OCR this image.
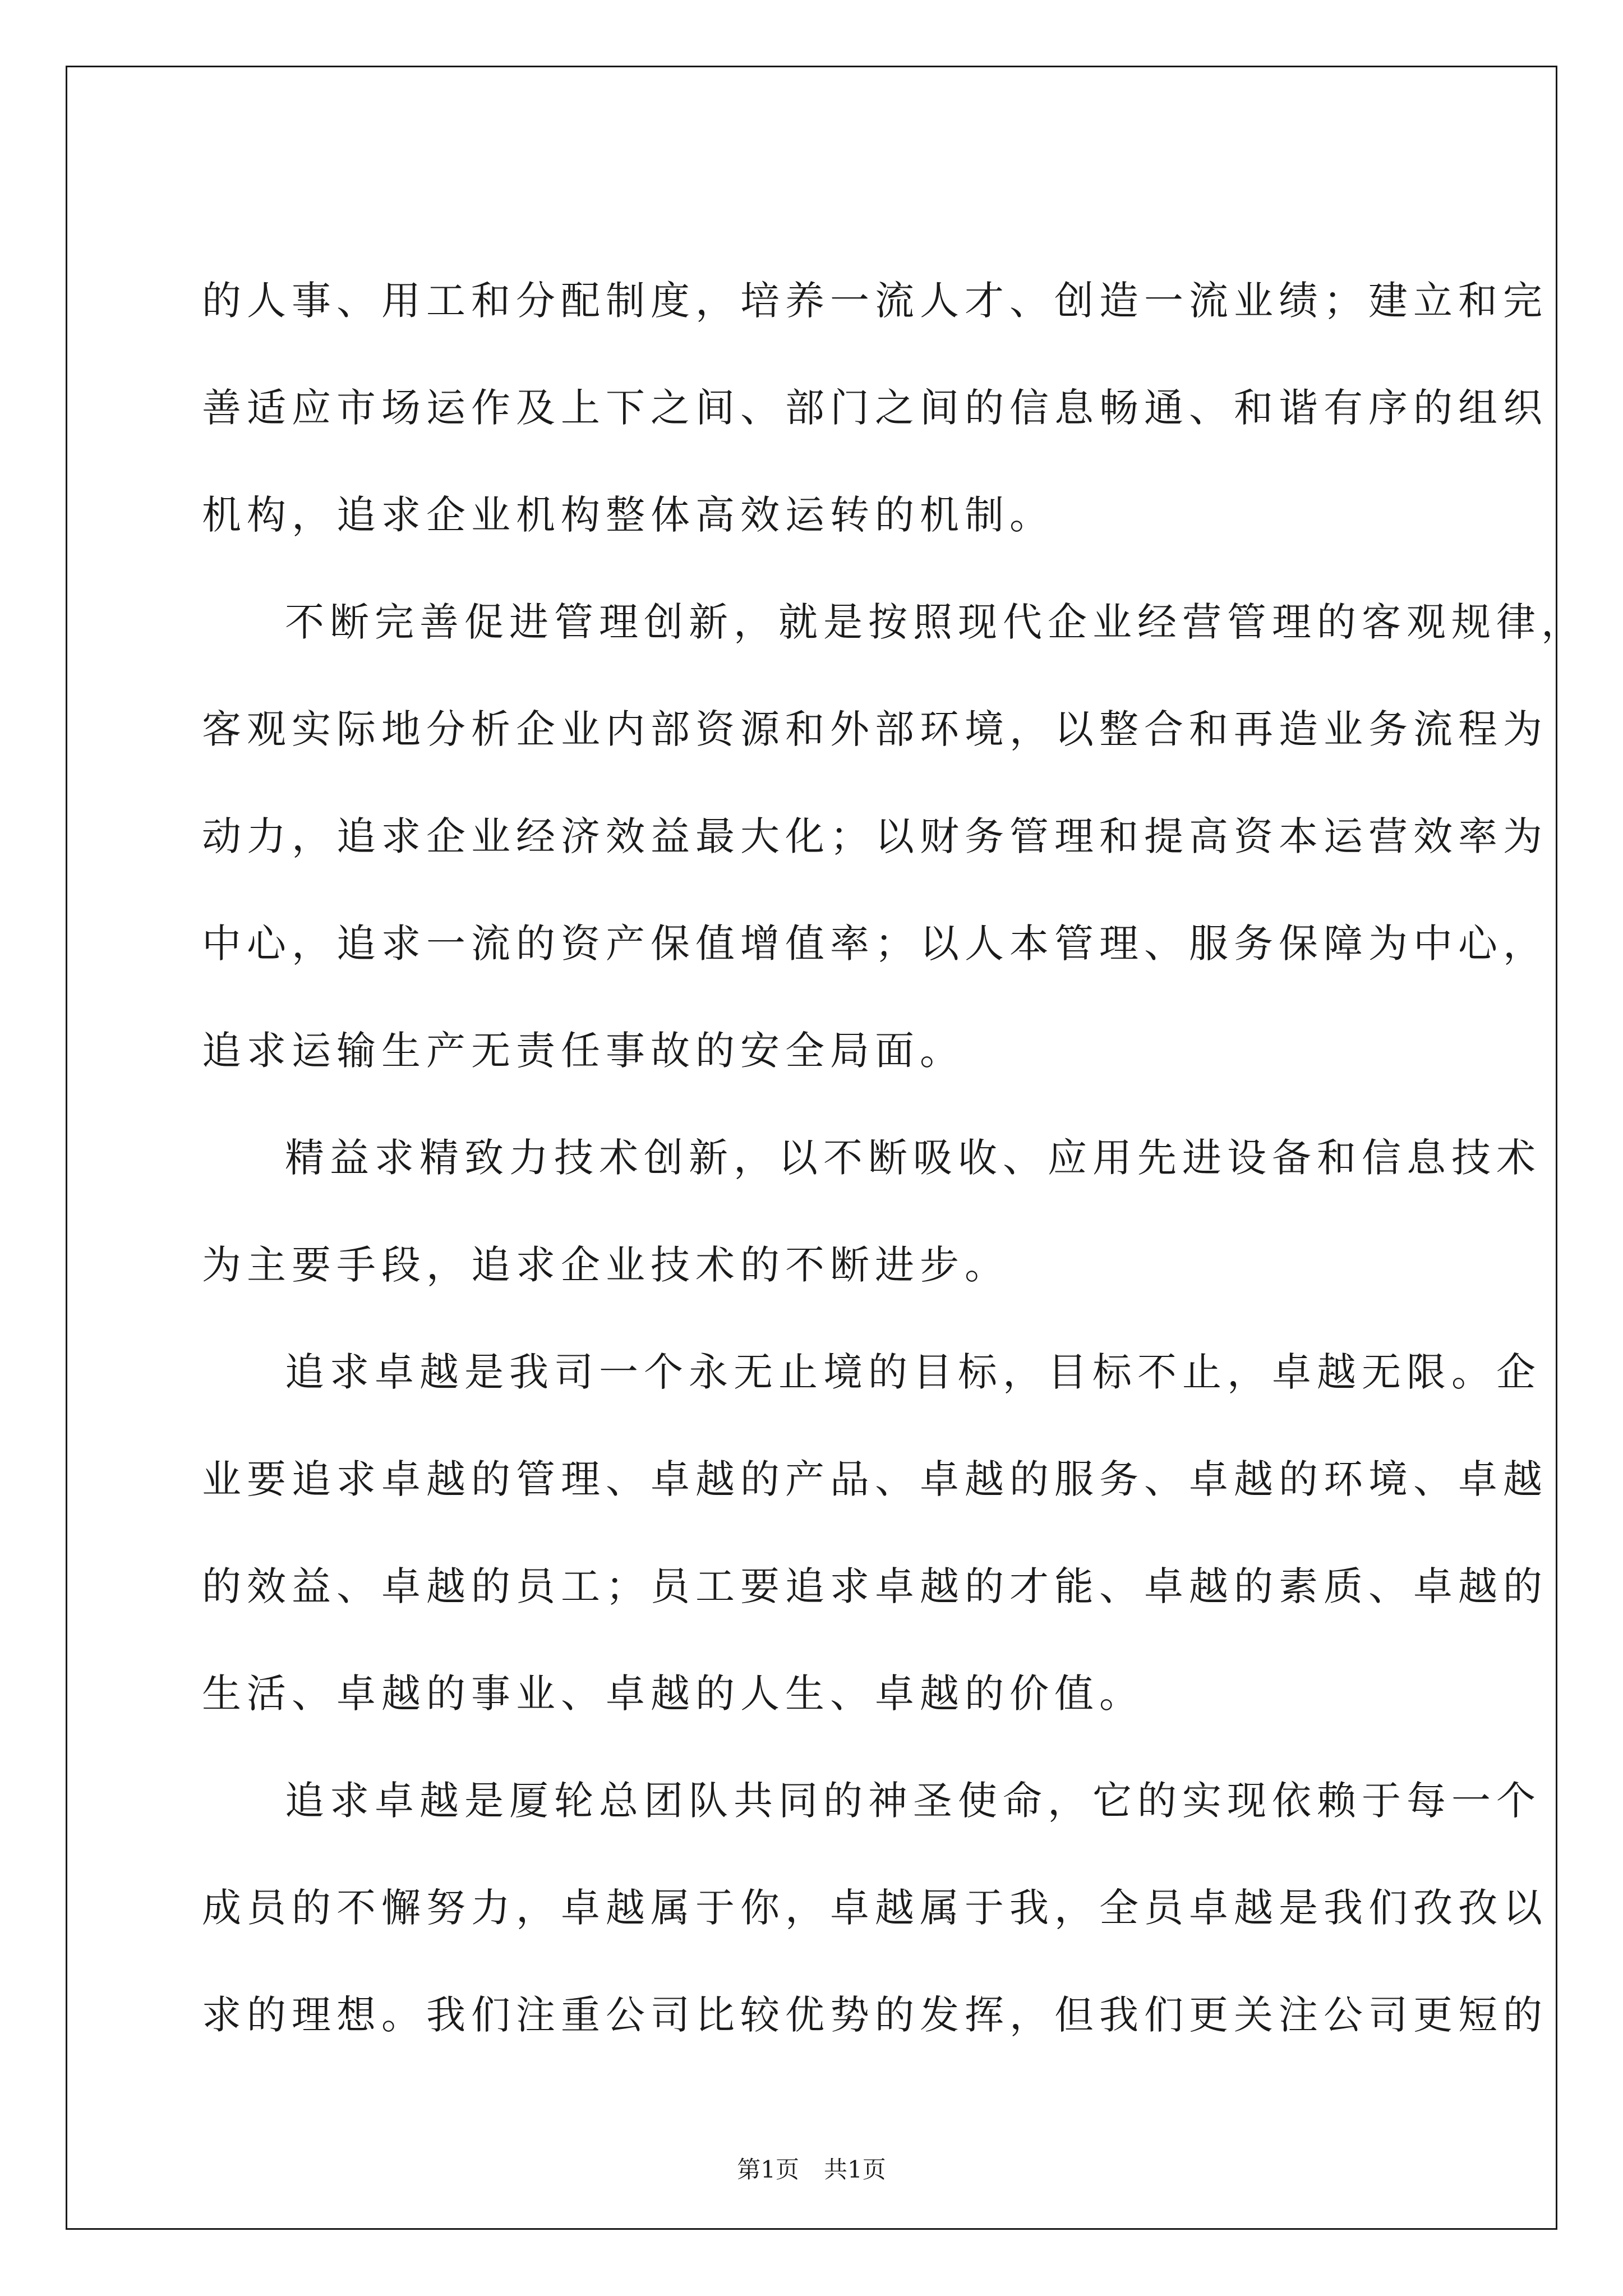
的人事、用工和分配制度，培养一流人才、创造一流业绩；建立和完

善适应市场运作及上下之间、部门之间的信息畅通、和谐有序的组织

机构，追求企业机构整体高效运转的机制。

不断完善促进管理创新，就是按照现代企业经营管理的客观规律，

客观实际地分析企业内部资源和外部环境，以整合和再造业务流程为

动力，追求企业经济效益最大化；以财务管理和提高资本运营效率为

中心，追求一流的资产保值增值率；以人本管理、服务保障为中心，

追求运输生产无责任事故的安全局面。

精益求精致力技术创新，以不断吸收、应用先进设备和信息技术

为主要手段，追求企业技术的不断进步。

追求卓越是我司一个永无止境的目标，目标不止，卓越无限。企

业要追求卓越的管理、卓越的产品、卓越的服务、卓越的环境、卓越

的效益、卓越的员工；员工要追求卓越的才能、卓越的素质、卓越的

生活、卓越的事业、卓越的人生、卓越的价值。

追求卓越是厦轮总团队共同的神圣使命，它的实现依赖于每一个

成员的不懈努力，卓越属于你，卓越属于我，全员卓越是我们孜孜以

求的理想。我们注重公司比较优势的发挥，但我们更关注公司更短的

第1页 共1页
